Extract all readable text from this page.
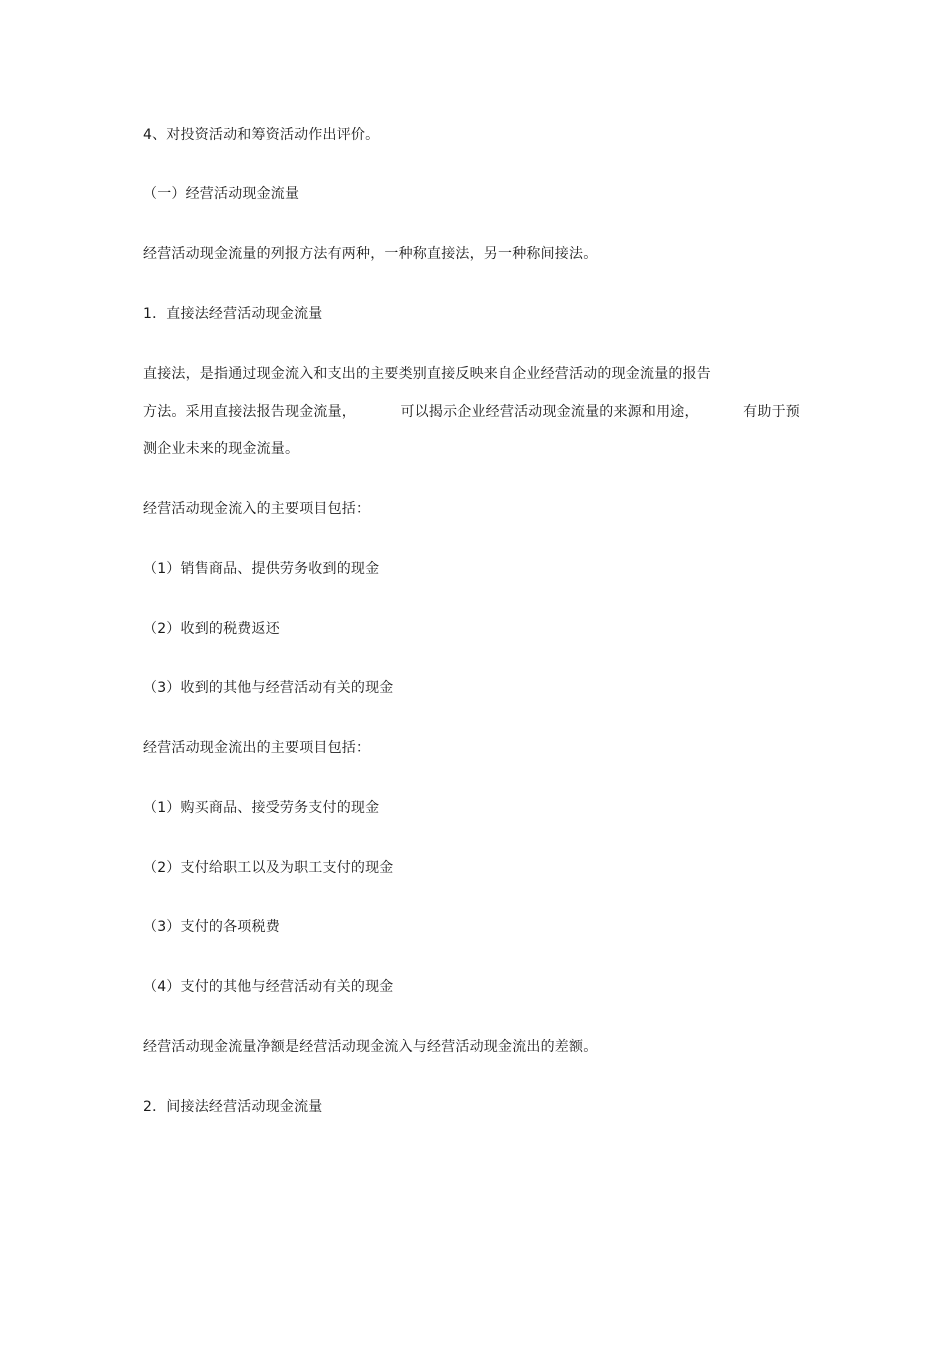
4、对投资活动和筹资活动作出评价。
（一）经营活动现金流量
经营活动现金流量的列报方法有两种，一种称直接法，另一种称间接法。
1．直接法经营活动现金流量
直接法，是指通过现金流入和支出的主要类别直接反映来自企业经营活动的现金流量的报告
方法。采用直接法报告现金流量，	可以揭示企业经营活动现金流量的来源和用途，	有助于预
测企业未来的现金流量。
经营活动现金流入的主要项目包括：
（1）销售商品、提供劳务收到的现金
（2）收到的税费返还
（3）收到的其他与经营活动有关的现金
经营活动现金流出的主要项目包括：
（1）购买商品、接受劳务支付的现金
（2）支付给职工以及为职工支付的现金
（3）支付的各项税费
（4）支付的其他与经营活动有关的现金
经营活动现金流量净额是经营活动现金流入与经营活动现金流出的差额。
2．间接法经营活动现金流量
